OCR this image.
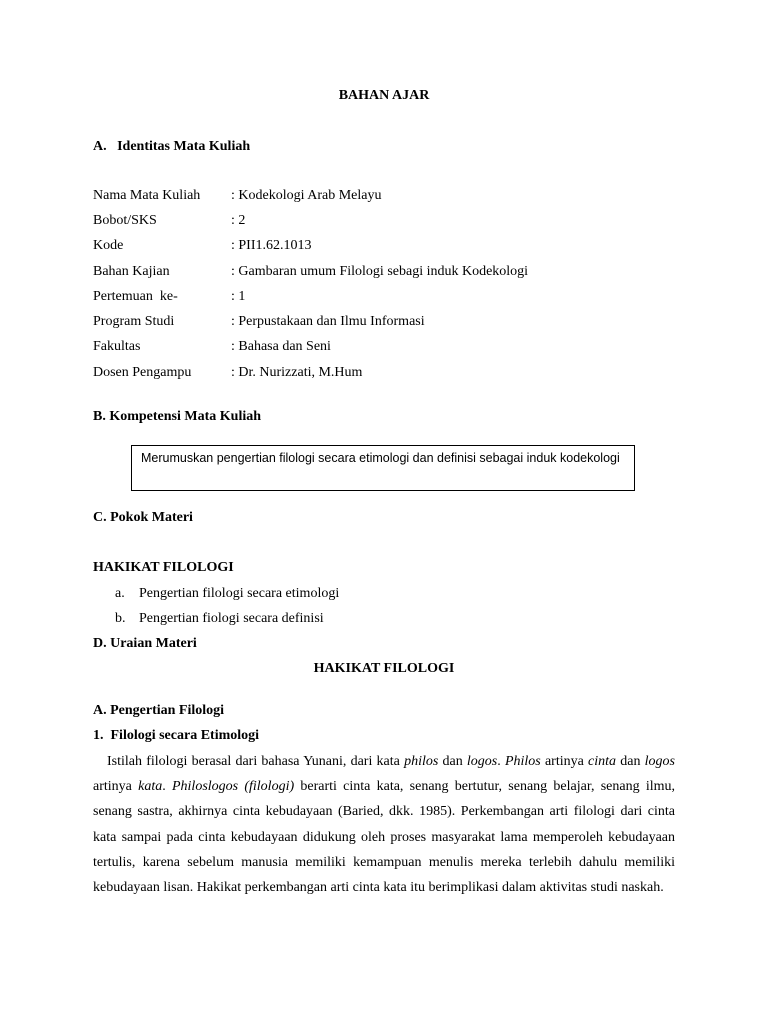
BAHAN AJAR
A.   Identitas Mata Kuliah
Nama Mata Kuliah : Kodekologi Arab Melayu
Bobot/SKS	: 2
Kode	: PII1.62.1013
Bahan Kajian	: Gambaran umum Filologi sebagi induk Kodekologi
Pertemuan  ke-	: 1
Program Studi	: Perpustakaan dan Ilmu Informasi
Fakultas	: Bahasa dan Seni
Dosen Pengampu	: Dr. Nurizzati, M.Hum
B. Kompetensi Mata Kuliah
Merumuskan pengertian filologi secara etimologi dan definisi sebagai induk kodekologi
C. Pokok Materi
HAKIKAT FILOLOGI
a. Pengertian filologi secara etimologi
b. Pengertian fiologi secara definisi
D. Uraian Materi
HAKIKAT FILOLOGI
A. Pengertian Filologi
1.  Filologi secara Etimologi
Istilah filologi berasal dari bahasa Yunani, dari kata philos dan logos. Philos artinya cinta dan logos artinya kata. Philoslogos (filologi) berarti cinta kata, senang bertutur, senang belajar, senang ilmu, senang sastra, akhirnya cinta kebudayaan (Baried, dkk. 1985). Perkembangan arti filologi dari cinta kata sampai pada cinta kebudayaan didukung oleh proses masyarakat lama memperoleh kebudayaan tertulis, karena sebelum manusia memiliki kemampuan menulis mereka terlebih dahulu memiliki kebudayaan lisan. Hakikat perkembangan arti cinta kata itu berimplikasi dalam aktivitas studi naskah.
